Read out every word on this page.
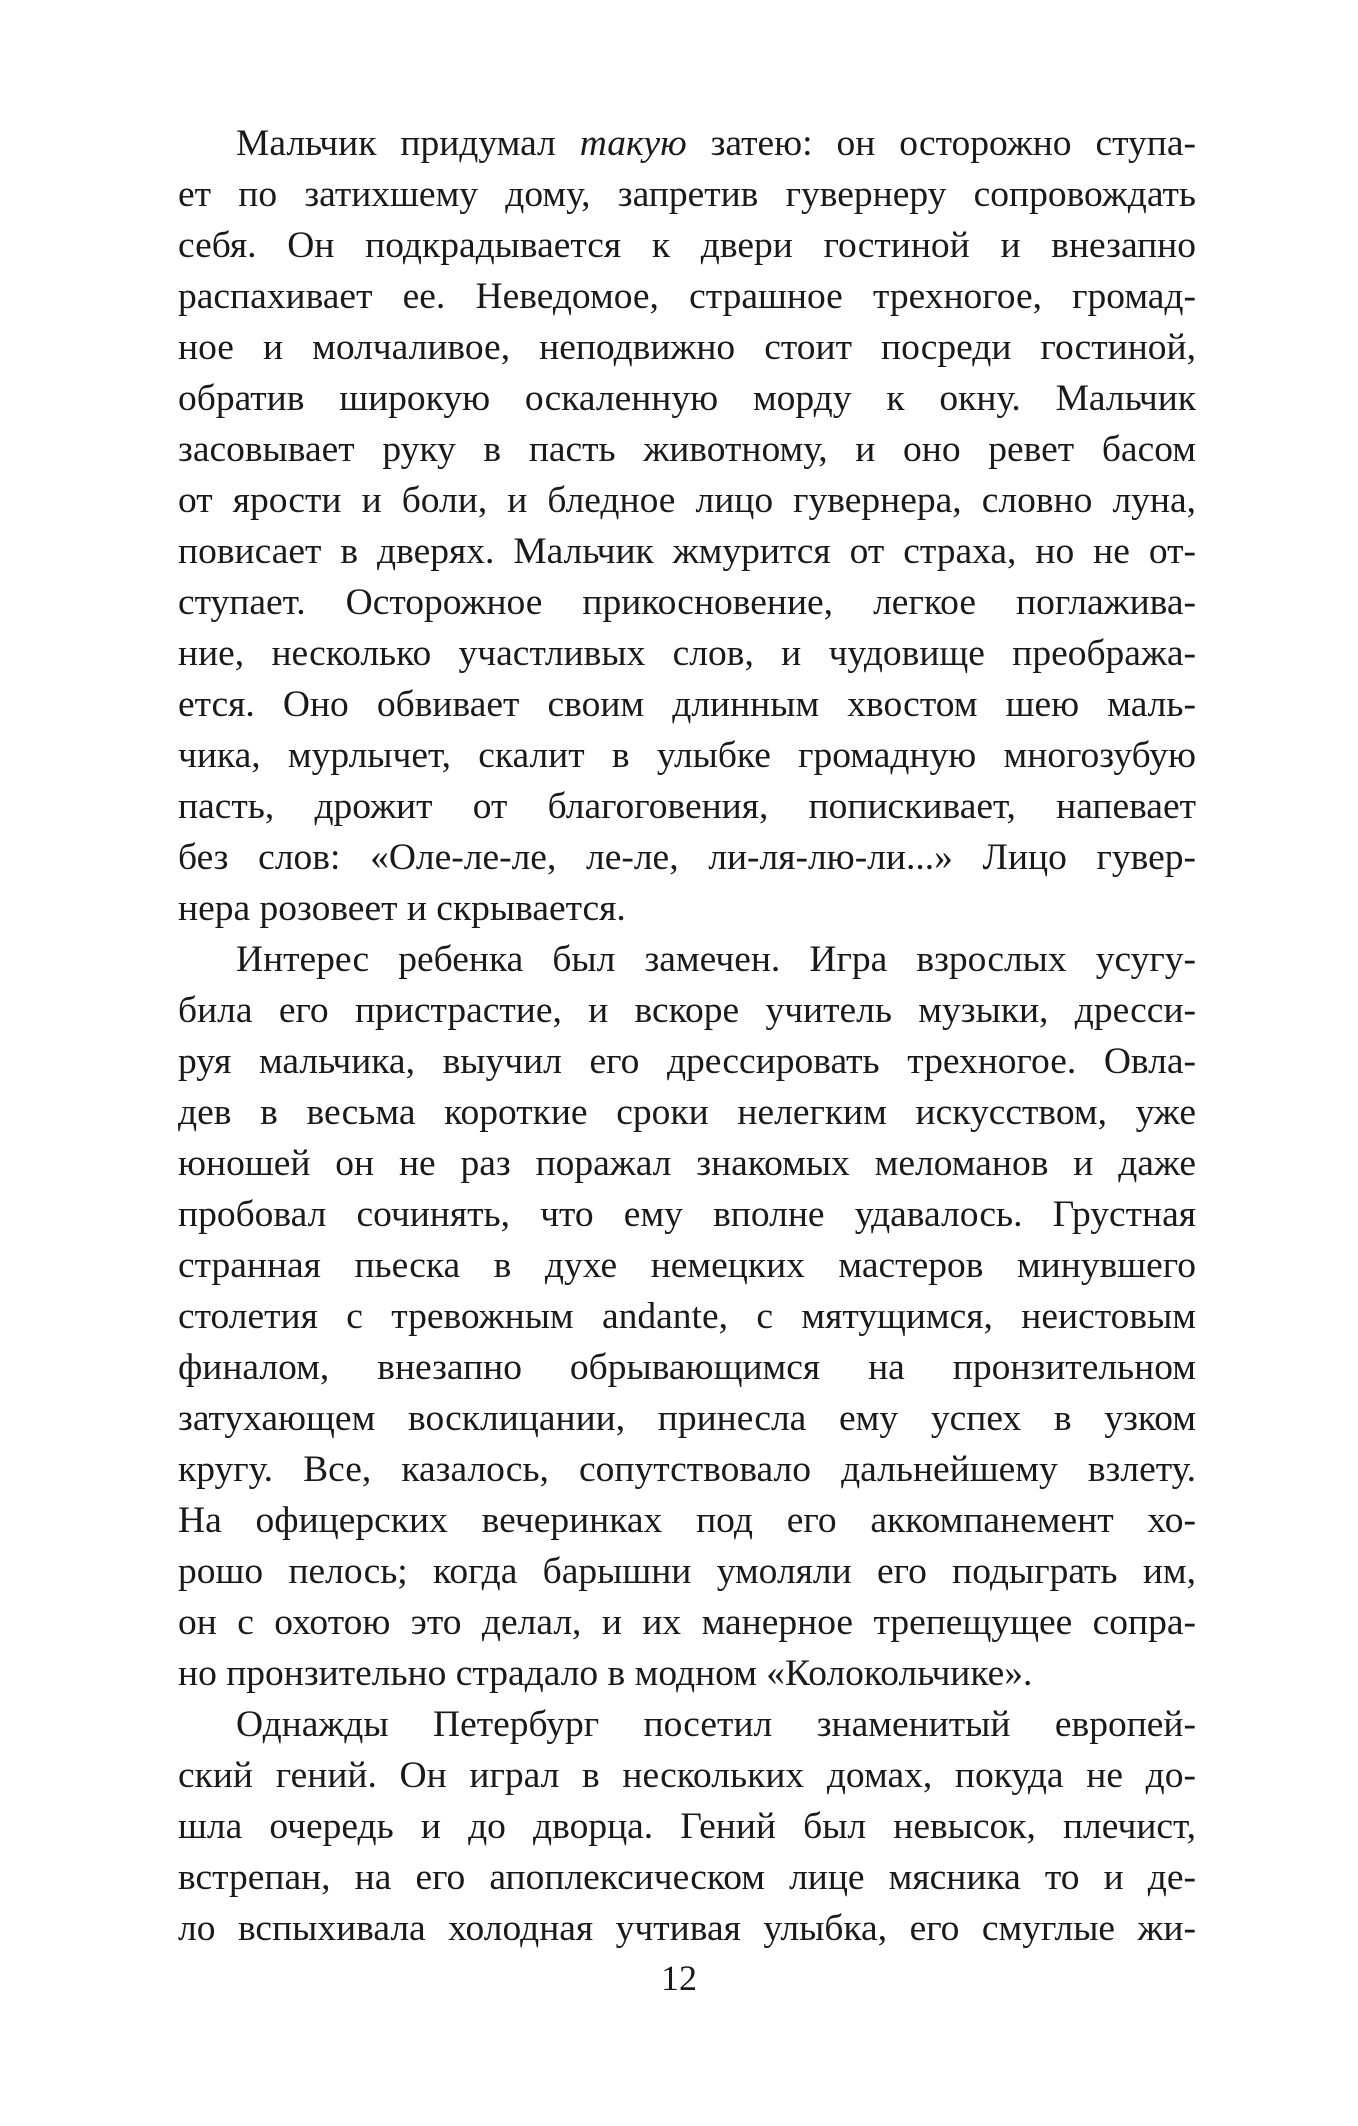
Мальчик придумал такую затею: он осторожно ступа-
ет по затихшему дому, запретив гувернеру сопровождать
себя. Он подкрадывается к двери гостиной и внезапно
распахивает ее. Неведомое, страшное трехногое, громад-
ное и молчаливое, неподвижно стоит посреди гостиной,
обратив широкую оскаленную морду к окну. Мальчик
засовывает руку в пасть животному, и оно ревет басом
от ярости и боли, и бледное лицо гувернера, словно луна,
повисает в дверях. Мальчик жмурится от страха, но не от-
ступает. Осторожное прикосновение, легкое поглажива-
ние, несколько участливых слов, и чудовище преобража-
ется. Оно обвивает своим длинным хвостом шею маль-
чика, мурлычет, скалит в улыбке громадную многозубую
пасть, дрожит от благоговения, попискивает, напевает
без слов: «Оле-ле-ле, ле-ле, ли-ля-лю-ли...» Лицо гувер-
нера розовеет и скрывается.
Интерес ребенка был замечен. Игра взрослых усугу-
била его пристрастие, и вскоре учитель музыки, дресси-
руя мальчика, выучил его дрессировать трехногое. Овла-
дев в весьма короткие сроки нелегким искусством, уже
юношей он не раз поражал знакомых меломанов и даже
пробовал сочинять, что ему вполне удавалось. Грустная
странная пьеска в духе немецких мастеров минувшего
столетия с тревожным andante, с мятущимся, неистовым
финалом, внезапно обрывающимся на пронзительном
затухающем восклицании, принесла ему успех в узком
кругу. Все, казалось, сопутствовало дальнейшему взлету.
На офицерских вечеринках под его аккомпанемент хо-
рошо пелось; когда барышни умоляли его подыграть им,
он с охотою это делал, и их манерное трепещущее сопра-
но пронзительно страдало в модном «Колокольчике».
Однажды Петербург посетил знаменитый европей-
ский гений. Он играл в нескольких домах, покуда не до-
шла очередь и до дворца. Гений был невысок, плечист,
встрепан, на его апоплексическом лице мясника то и де-
ло вспыхивала холодная учтивая улыбка, его смуглые жи-
12
